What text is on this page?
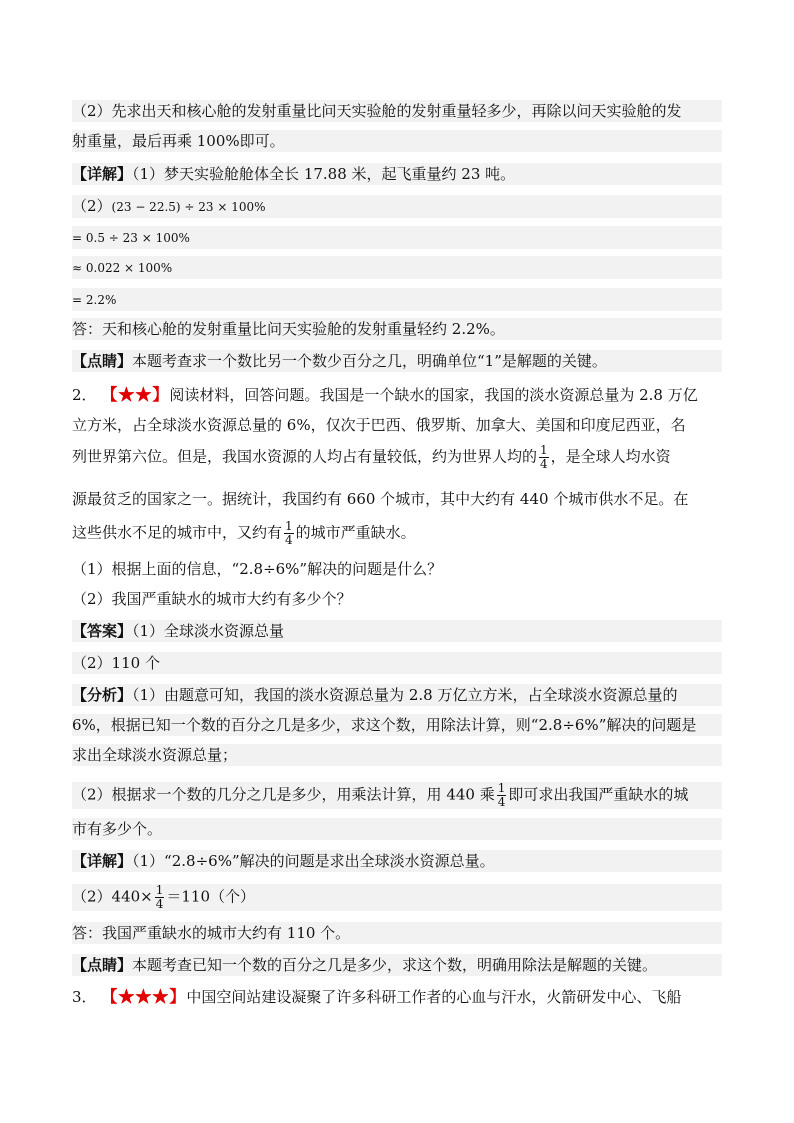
（2）先求出天和核心舱的发射重量比问天实验舱的发射重量轻多少，再除以问天实验舱的发
射重量，最后再乘 100%即可。
【详解】（1）梦天实验舱舱体全长 17.88 米，起飞重量约 23 吨。
（2）(23 − 22.5) ÷ 23 × 100%
= 0.5 ÷ 23 × 100%
≈ 0.022 × 100%
= 2.2%
答：天和核心舱的发射重量比问天实验舱的发射重量轻约 2.2%。
【点睛】本题考查求一个数比另一个数少百分之几，明确单位“1”是解题的关键。
2． 【★★】阅读材料，回答问题。我国是一个缺水的国家，我国的淡水资源总量为 2.8 万亿
立方米，占全球淡水资源总量的 6%，仅次于巴西、俄罗斯、加拿大、美国和印度尼西亚，名
列世界第六位。但是，我国水资源的人均占有量较低，约为世界人均的 $\frac{1}{4}$ ，是全球人均水资
源最贫乏的国家之一。据统计，我国约有 660 个城市，其中大约有 440 个城市供水不足。在
这些供水不足的城市中，又约有 $\frac{1}{4}$ 的城市严重缺水。
（1）根据上面的信息，“2.8÷6%”解决的问题是什么？
（2）我国严重缺水的城市大约有多少个？
【答案】（1）全球淡水资源总量
（2）110 个
【分析】（1）由题意可知，我国的淡水资源总量为 2.8 万亿立方米，占全球淡水资源总量的
6%，根据已知一个数的百分之几是多少，求这个数，用除法计算，则“2.8÷6%”解决的问题是
求出全球淡水资源总量；
（2）根据求一个数的几分之几是多少，用乘法计算，用 440 乘 $\frac{1}{4}$ 即可求出我国严重缺水的城
市有多少个。
【详解】（1）“2.8÷6%”解决的问题是求出全球淡水资源总量。
$(2)440\times \frac{1}{4} =110$（个）
答：我国严重缺水的城市大约有 110 个。
【点睛】本题考查已知一个数的百分之几是多少，求这个数，明确用除法是解题的关键。
3． 【★★★】中国空间站建设凝聚了许多科研工作者的心血与汗水，火箭研发中心、飞船
